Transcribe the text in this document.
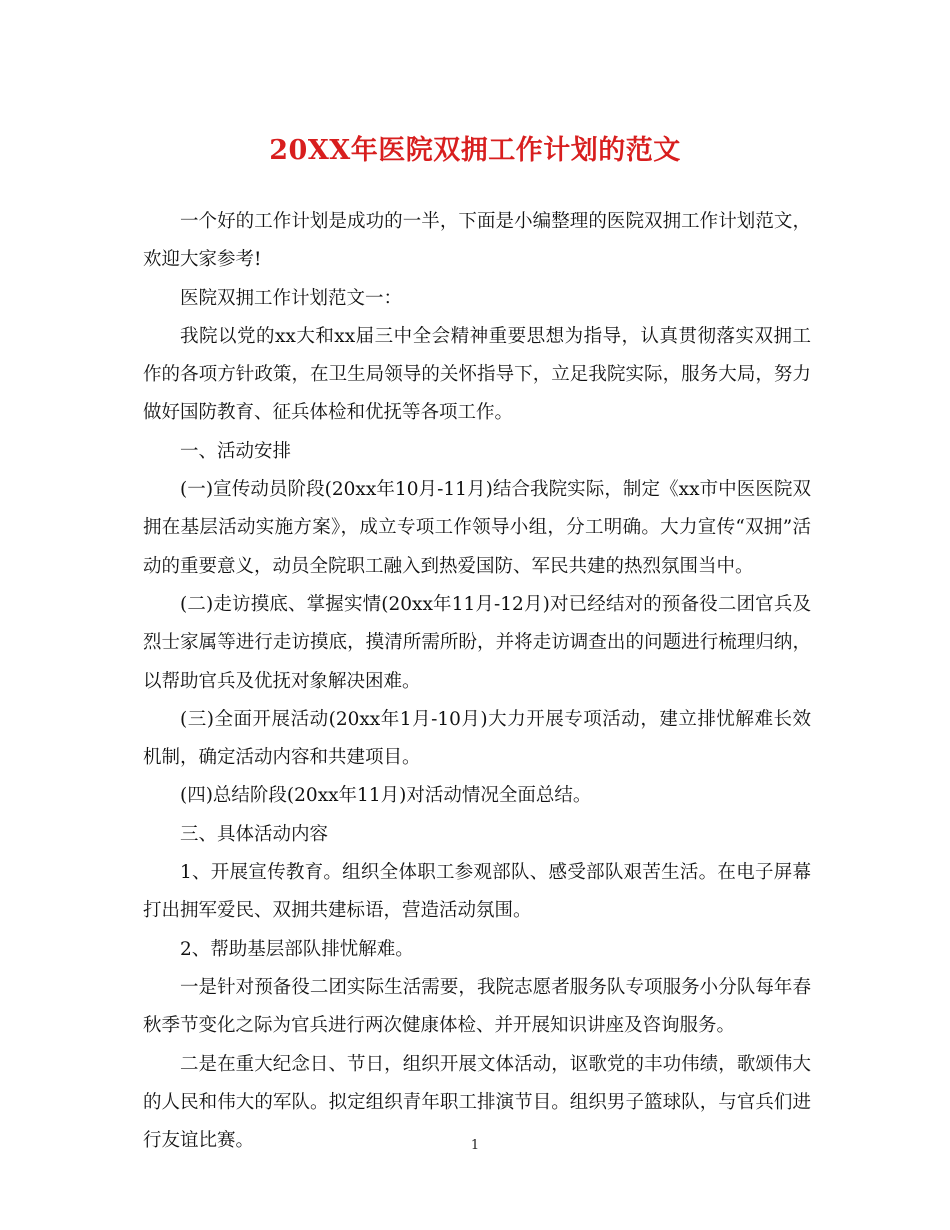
20XX年医院双拥工作计划的范文

一个好的工作计划是成功的一半，下面是小编整理的医院双拥工作计划范文，欢迎大家参考!

医院双拥工作计划范文一：

我院以党的xx大和xx届三中全会精神重要思想为指导，认真贯彻落实双拥工作的各项方针政策，在卫生局领导的关怀指导下，立足我院实际，服务大局，努力做好国防教育、征兵体检和优抚等各项工作。

一、活动安排

(一)宣传动员阶段(20xx年10月-11月)结合我院实际，制定《xx市中医医院双拥在基层活动实施方案》，成立专项工作领导小组，分工明确。大力宣传“双拥”活动的重要意义，动员全院职工融入到热爱国防、军民共建的热烈氛围当中。

(二)走访摸底、掌握实情(20xx年11月-12月)对已经结对的预备役二团官兵及烈士家属等进行走访摸底，摸清所需所盼，并将走访调查出的问题进行梳理归纳，以帮助官兵及优抚对象解决困难。

(三)全面开展活动(20xx年1月-10月)大力开展专项活动，建立排忧解难长效机制，确定活动内容和共建项目。

(四)总结阶段(20xx年11月)对活动情况全面总结。

三、具体活动内容

1、开展宣传教育。组织全体职工参观部队、感受部队艰苦生活。在电子屏幕打出拥军爱民、双拥共建标语，营造活动氛围。

2、帮助基层部队排忧解难。

一是针对预备役二团实际生活需要，我院志愿者服务队专项服务小分队每年春秋季节变化之际为官兵进行两次健康体检、并开展知识讲座及咨询服务。

二是在重大纪念日、节日，组织开展文体活动，讴歌党的丰功伟绩，歌颂伟大的人民和伟大的军队。拟定组织青年职工排演节目。组织男子篮球队，与官兵们进行友谊比赛。	1
